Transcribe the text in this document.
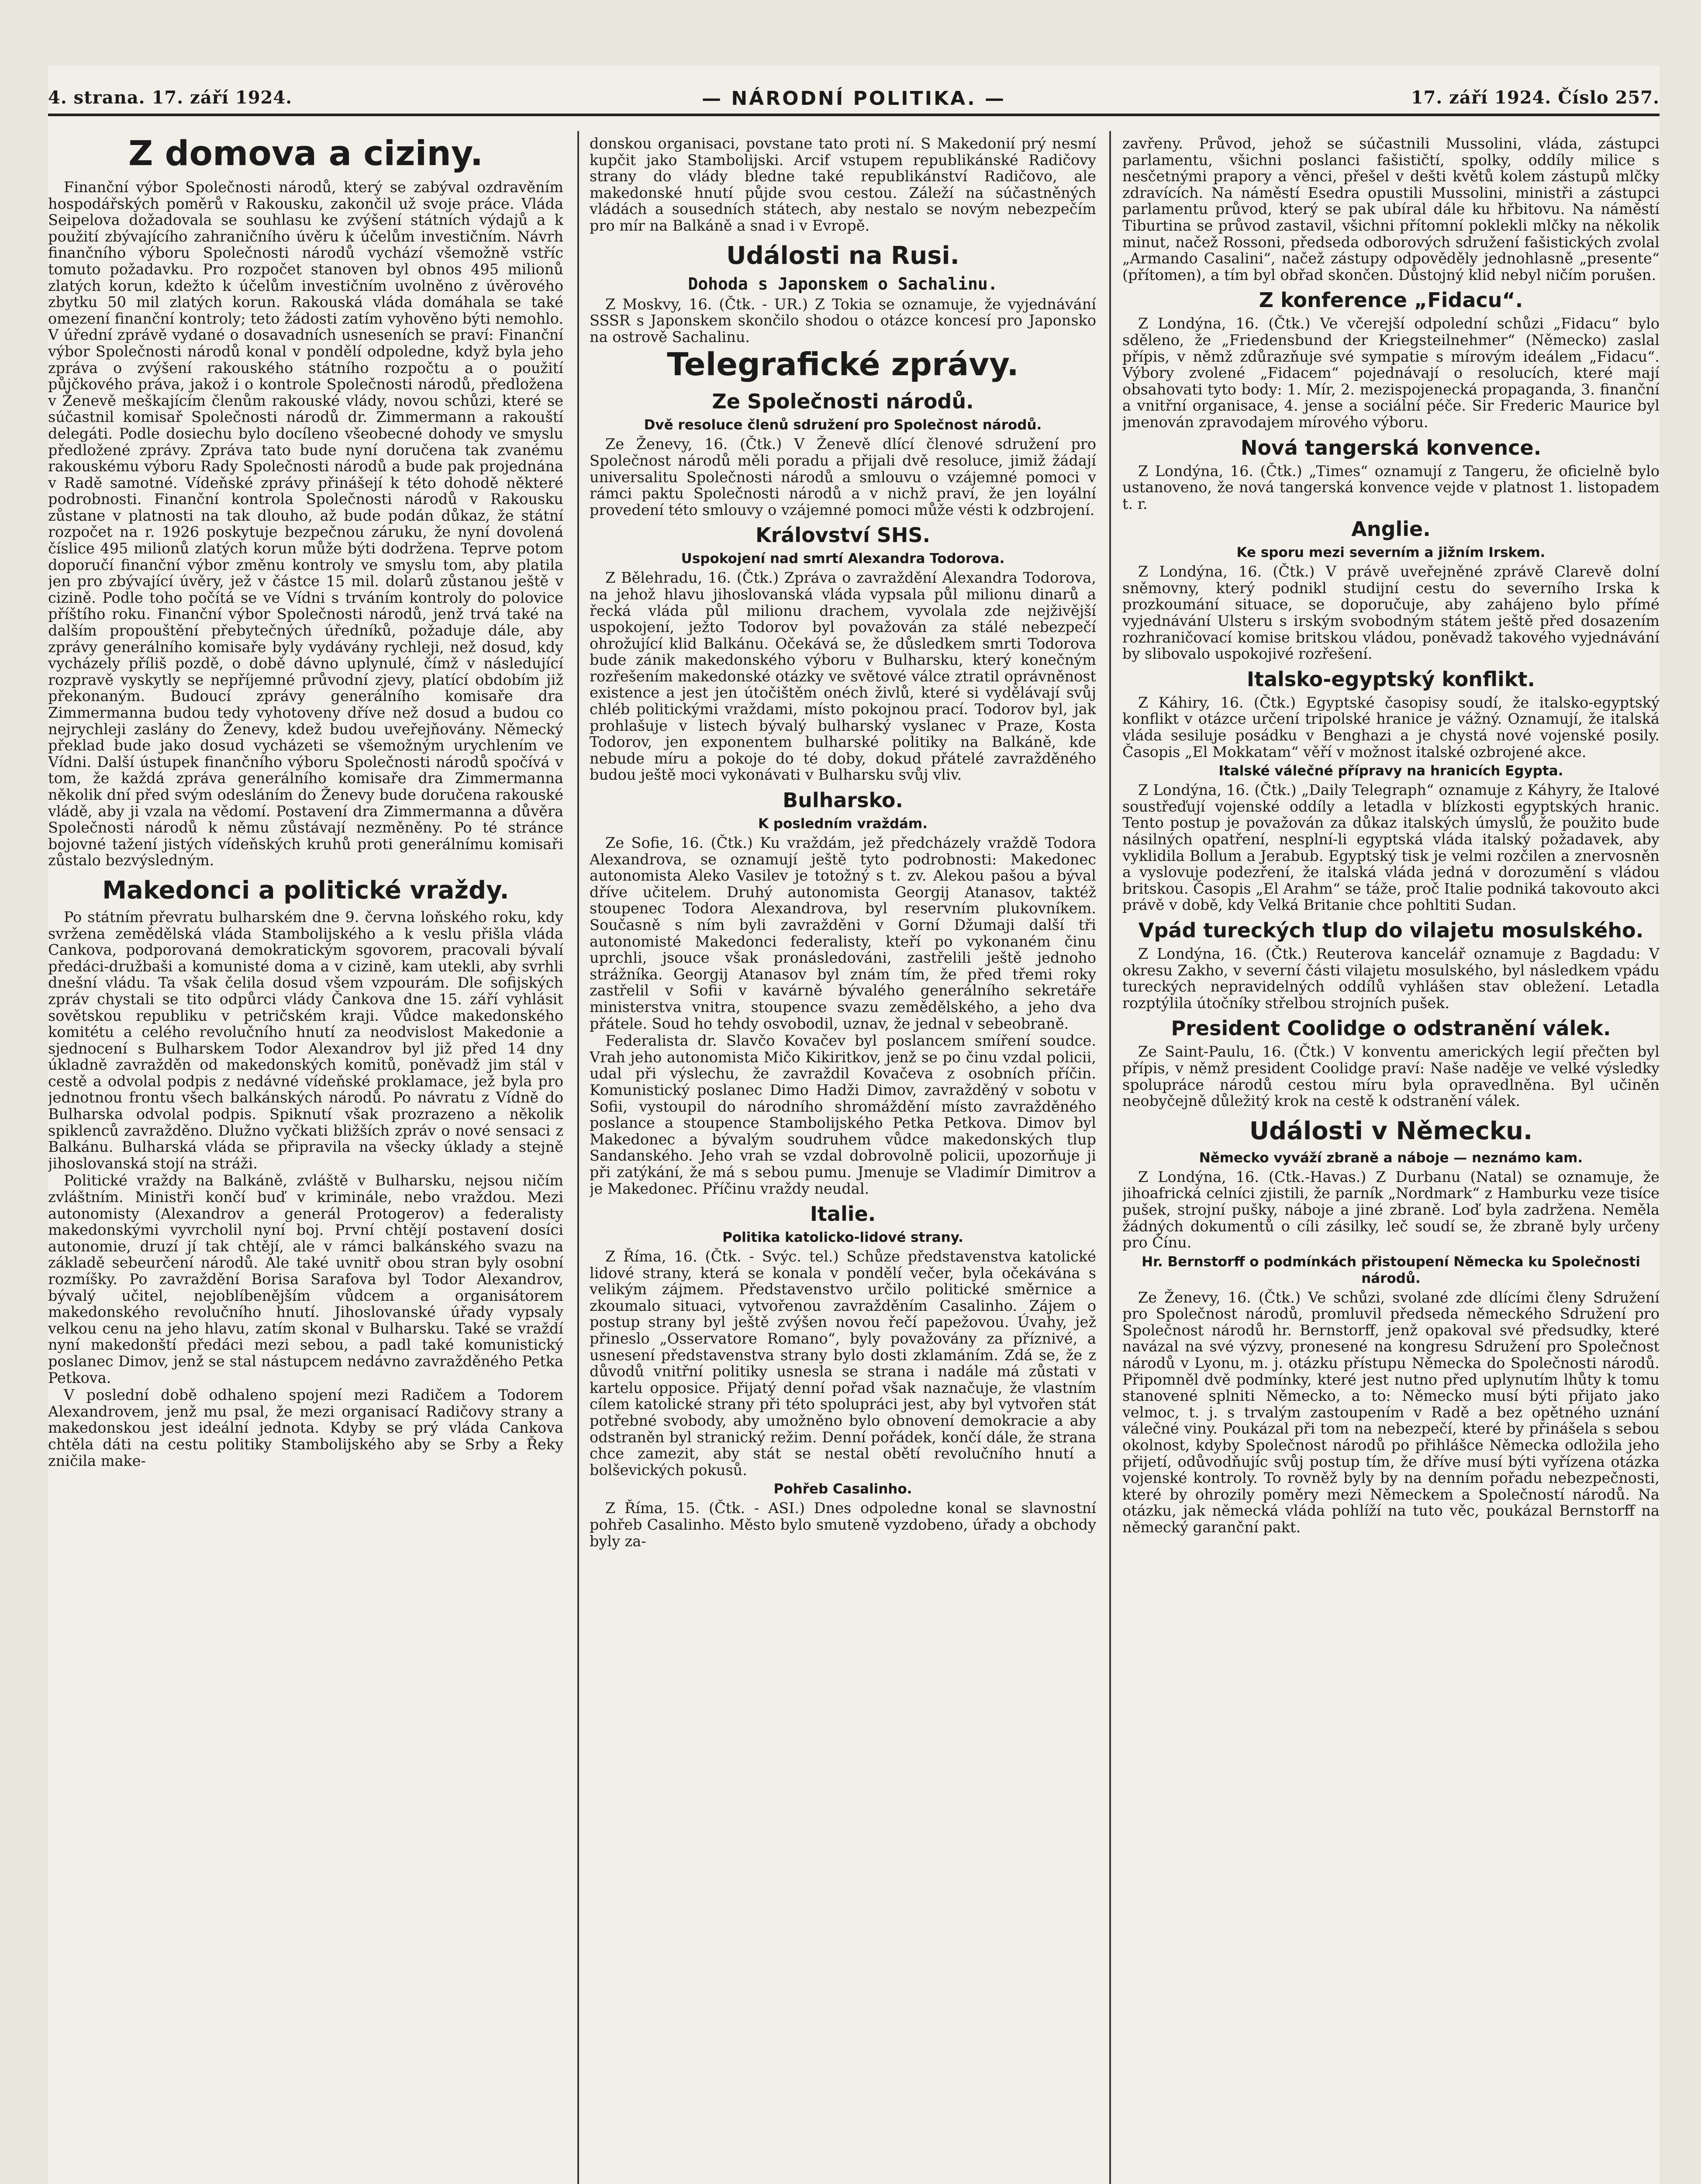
4. strana. 17. září 1924.	— NÁRODNÍ POLITIKA. —	17. září 1924. Číslo 257.
Z domova a ciziny.

Finanční výbor Společnosti národů, který se zabýval ozdravěním hospodářských poměrů v Rakousku, zakončil už svoje práce. Vláda Seipelova dožadovala se souhlasu ke zvýšení státních výdajů a k použití zbývajícího zahraničního úvěru k účelům investičním. Návrh finančního výboru Společnosti národů vychází všemožně vstříc tomuto požadavku. Pro rozpočet stanoven byl obnos 495 milionů zlatých korun, kdežto k účelům investičním uvolněno z úvěrového zbytku 50 mil zlatých korun. Rakouská vláda domáhala se také omezení finanční kontroly; teto žádosti zatím vyhověno býti nemohlo. V úřední zprávě vydané o dosavadních usneseních se praví: Finanční výbor Společnosti národů konal v pondělí odpoledne, když byla jeho zpráva o zvýšení rakouského státního rozpočtu a o použití půjčkového práva, jakož i o kontrole Společnosti národů, předložena v Ženevě meškajícím členům rakouské vlády, novou schůzi, které se súčastnil komisař Společnosti národů dr. Zimmermann a rakouští delegáti. Podle dosiechu bylo docíleno všeobecné dohody ve smyslu předložené zprávy. Zpráva tato bude nyní doručena tak zvanému rakouskému výboru Rady Společnosti národů a bude pak projednána v Radě samotné. Vídeňské zprávy přinášejí k této dohodě některé podrobnosti. Finanční kontrola Společnosti národů v Rakousku zůstane v platnosti na tak dlouho, až bude podán důkaz, že státní rozpočet na r. 1926 poskytuje bezpečnou záruku, že nyní dovolená číslice 495 milionů zlatých korun může býti dodržena. Teprve potom doporučí finanční výbor změnu kontroly ve smyslu tom, aby platila jen pro zbývající úvěry, jež v částce 15 mil. dolarů zůstanou ještě v cizině. Podle toho počítá se ve Vídni s trváním kontroly do polovice příštího roku. Finanční výbor Společnosti národů, jenž trvá také na dalším propouštění přebytečných úředníků, požaduje dále, aby zprávy generálního komisaře byly vydávány rychleji, než dosud, kdy vycházely příliš pozdě, o době dávno uplynulé, čímž v následující rozpravě vyskytly se nepříjemné průvodní zjevy, platící obdobím již překonaným. Budoucí zprávy generálního komisaře dra Zimmermanna budou tedy vyhotoveny dříve než dosud a budou co nejrychleji zaslány do Ženevy, kdež budou uveřejňovány. Německý překlad bude jako dosud vycházeti se všemožným urychlením ve Vídni. Další ústupek finančního výboru Společnosti národů spočívá v tom, že každá zpráva generálního komisaře dra Zimmermanna několik dní před svým odesláním do Ženevy bude doručena rakouské vládě, aby ji vzala na vědomí. Postavení dra Zimmermanna a důvěra Společnosti národů k němu zůstávají nezměněny. Po té stránce bojovné tažení jistých vídeňských kruhů proti generálnímu komisaři zůstalo bezvýsledným.

Makedonci a politické vraždy.

Po státním převratu bulharském dne 9. června loňského roku, kdy svržena zemědělská vláda Stambolijského a k veslu přišla vláda Cankova, podporovaná demokratickým sgovorem, pracovali bývalí předáci-družbaši a komunisté doma a v cizině, kam utekli, aby svrhli dnešní vládu. Ta však čelila dosud všem vzpourám. Dle sofijských zpráv chystali se tito odpůrci vlády Čankova dne 15. září vyhlásit sovětskou republiku v petričském kraji. Vůdce makedonského komitétu a celého revolučního hnutí za neodvislost Makedonie a sjednocení s Bulharskem Todor Alexandrov byl již před 14 dny úkladně zavražděn od makedonských komitů, poněvadž jim stál v cestě a odvolal podpis z nedávné vídeňské proklamace, jež byla pro jednotnou frontu všech balkánských národů. Po návratu z Vídně do Bulharska odvolal podpis. Spiknutí však prozrazeno a několik spiklenců zavražděno. Dlužno vyčkati bližších zpráv o nové sensaci z Balkánu. Bulharská vláda se připravila na všecky úklady a stejně jihoslovanská stojí na stráži.

Politické vraždy na Balkáně, zvláště v Bulharsku, nejsou ničím zvláštním. Ministři končí buď v kriminále, nebo vraždou. Mezi autonomisty (Alexandrov a generál Protogerov) a federalisty makedonskými vyvrcholil nyní boj. První chtějí postavení dosíci autonomie, druzí jí tak chtějí, ale v rámci balkánského svazu na základě sebeurčení národů. Ale také uvnitř obou stran byly osobní rozmíšky. Po zavraždění Borisa Sarafova byl Todor Alexandrov, bývalý učitel, nejoblíbenějším vůdcem a organisátorem makedonského revolučního hnutí. Jihoslovanské úřady vypsaly velkou cenu na jeho hlavu, zatím skonal v Bulharsku. Také se vraždí nyní makedonští předáci mezi sebou, a padl také komunistický poslanec Dimov, jenž se stal nástupcem nedávno zavražděného Petka Petkova.

V poslední době odhaleno spojení mezi Radičem a Todorem Alexandrovem, jenž mu psal, že mezi organisací Radičovy strany a makedonskou jest ideální jednota. Kdyby se prý vláda Cankova chtěla dáti na cestu politiky Stambolijského aby se Srby a Řeky zničila make-

donskou organisaci, povstane tato proti ní. S Makedonií prý nesmí kupčit jako Stambolijski. Arcif vstupem republikánské Radičovy strany do vlády bledne také republikánství Radičovo, ale makedonské hnutí půjde svou cestou. Záleží na súčastněných vládách a sousedních státech, aby nestalo se novým nebezpečím pro mír na Balkáně a snad i v Evropě.

Události na Rusi.
Dohoda s Japonskem o Sachalinu.

Z Moskvy, 16. (Čtk. - UR.) Z Tokia se oznamuje, že vyjednávání SSSR s Japonskem skončilo shodou o otázce koncesí pro Japonsko na ostrově Sachalinu.

Telegrafické zprávy.
Ze Společnosti národů.
Dvě resoluce členů sdružení pro Společnost národů.

Ze Ženevy, 16. (Čtk.) V Ženevě dlící členové sdružení pro Společnost národů měli poradu a přijali dvě resoluce, jimiž žádají universalitu Společnosti národů a smlouvu o vzájemné pomoci v rámci paktu Společnosti národů a v nichž praví, že jen loyální provedení této smlouvy o vzájemné pomoci může vésti k odzbrojení.

Království SHS.
Uspokojení nad smrtí Alexandra Todorova.

Z Bělehradu, 16. (Čtk.) Zpráva o zavraždění Alexandra Todorova, na jehož hlavu jihoslovanská vláda vypsala půl milionu dinarů a řecká vláda půl milionu drachem, vyvolala zde nejživější uspokojení, ježto Todorov byl považován za stálé nebezpečí ohrožující klid Balkánu. Očekává se, že důsledkem smrti Todorova bude zánik makedonského výboru v Bulharsku, který konečným rozřešením makedonské otázky ve světové válce ztratil oprávněnost existence a jest jen útočištěm onéch živlů, které si vydělávají svůj chléb politickými vraždami, místo pokojnou prací. Todorov byl, jak prohlašuje v listech bývalý bulharský vyslanec v Praze, Kosta Todorov, jen exponentem bulharské politiky na Balkáně, kde nebude míru a pokoje do té doby, dokud přátelé zavražděného budou ještě moci vykonávati v Bulharsku svůj vliv.

Bulharsko.
K posledním vraždám.

Ze Sofie, 16. (Čtk.) Ku vraždám, jež předcházely vraždě Todora Alexandrova, se oznamují ještě tyto podrobnosti: Makedonec autonomista Aleko Vasilev je totožný s t. zv. Alekou pašou a býval dříve učitelem. Druhý autonomista Georgij Atanasov, taktéž stoupenec Todora Alexandrova, byl reservním plukovníkem. Současně s ním byli zavražděni v Gorní Džumaji další tři autonomisté Makedonci federalisty, kteří po vykonaném činu uprchli, jsouce však pronásledováni, zastřelili ještě jednoho strážníka. Georgij Atanasov byl znám tím, že před třemi roky zastřelil v Sofii v kavárně bývalého generálního sekretáře ministerstva vnitra, stoupence svazu zemědělského, a jeho dva přátele. Soud ho tehdy osvobodil, uznav, že jednal v sebeobraně.

Federalista dr. Slavčo Kovačev byl poslancem smíření soudce. Vrah jeho autonomista Mičo Kikiritkov, jenž se po činu vzdal policii, udal při výslechu, že zavraždil Kovačeva z osobních příčin. Komunistický poslanec Dimo Hadži Dimov, zavražděný v sobotu v Sofii, vystoupil do národního shromáždění místo zavražděného poslance a stoupence Stambolijského Petka Petkova. Dimov byl Makedonec a bývalým soudruhem vůdce makedonských tlup Sandanského. Jeho vrah se vzdal dobrovolně policii, upozorňuje ji při zatýkání, že má s sebou pumu. Jmenuje se Vladimír Dimitrov a je Makedonec. Příčinu vraždy neudal.

Italie.
Politika katolicko-lidové strany.

Z Říma, 16. (Čtk. - Svýc. tel.) Schůze představenstva katolické lidové strany, která se konala v pondělí večer, byla očekávána s velikým zájmem. Představenstvo určilo politické směrnice a zkoumalo situaci, vytvořenou zavražděním Casalinho. Zájem o postup strany byl ještě zvýšen novou řečí papežovou. Úvahy, jež přineslo „Osservatore Romano“, byly považovány za příznivé, a usnesení představenstva strany bylo dosti zklamáním. Zdá se, že z důvodů vnitřní politiky usnesla se strana i nadále má zůstati v kartelu opposice. Přijatý denní pořad však naznačuje, že vlastním cílem katolické strany při této spolupráci jest, aby byl vytvořen stát potřebné svobody, aby umožněno bylo obnovení demokracie a aby odstraněn byl stranický režim. Denní pořádek, končí dále, že strana chce zamezit, aby stát se nestal obětí revolučního hnutí a bolševických pokusů.

Pohřeb Casalinho.

Z Říma, 15. (Čtk. - ASI.) Dnes odpoledne konal se slavnostní pohřeb Casalinho. Město bylo smuteně vyzdobeno, úřady a obchody byly za-

zavřeny. Průvod, jehož se súčastnili Mussolini, vláda, zástupci parlamentu, všichni poslanci fašističtí, spolky, oddíly milice s nesčetnými prapory a věnci, přešel v dešti květů kolem zástupů mlčky zdravících. Na náměstí Esedra opustili Mussolini, ministři a zástupci parlamentu průvod, který se pak ubíral dále ku hřbitovu. Na náměstí Tiburtina se průvod zastavil, všichni přítomní poklekli mlčky na několik minut, načež Rossoni, předseda odborových sdružení fašistických zvolal „Armando Casalini“, načež zástupy odpověděly jednohlasně „presente“ (přítomen), a tím byl obřad skončen. Důstojný klid nebyl ničím porušen.

Z konference „Fidacu“.

Z Londýna, 16. (Čtk.) Ve včerejší odpolední schůzi „Fidacu“ bylo sděleno, že „Friedensbund der Kriegsteilnehmer“ (Německo) zaslal přípis, v němž zdůrazňuje své sympatie s mírovým ideálem „Fidacu“. Výbory zvolené „Fidacem“ pojednávají o resolucích, které mají obsahovati tyto body: 1. Mír, 2. mezispojenecká propaganda, 3. finanční a vnitřní organisace, 4. jense a sociální péče. Sir Frederic Maurice byl jmenován zpravodajem mírového výboru.

Nová tangerská konvence.

Z Londýna, 16. (Čtk.) „Times“ oznamují z Tangeru, že oficielně bylo ustanoveno, že nová tangerská konvence vejde v platnost 1. listopadem t. r.

Anglie.
Ke sporu mezi severním a jižním Irskem.

Z Londýna, 16. (Čtk.) V právě uveřejněné zprávě Clarevě dolní sněmovny, který podnikl studijní cestu do severního Irska k prozkoumání situace, se doporučuje, aby zahájeno bylo přímé vyjednávání Ulsteru s irským svobodným státem ještě před dosazením rozhraničovací komise britskou vládou, poněvadž takového vyjednávání by slibovalo uspokojivé rozřešení.

Italsko-egyptský konflikt.

Z Káhiry, 16. (Čtk.) Egyptské časopisy soudí, že italsko-egyptský konflikt v otázce určení tripolské hranice je vážný. Oznamují, že italská vláda sesiluje posádku v Benghazi a je chystá nové vojenské posily. Časopis „El Mokkatam“ věří v možnost italské ozbrojené akce.

Italské válečné přípravy na hranicích Egypta.

Z Londýna, 16. (Čtk.) „Daily Telegraph“ oznamuje z Káhyry, že Italové soustřeďují vojenské oddíly a letadla v blízkosti egyptských hranic. Tento postup je považován za důkaz italských úmyslů, že použito bude násilných opatření, nesplní-li egyptská vláda italský požadavek, aby vyklidila Bollum a Jerabub. Egyptský tisk je velmi rozčilen a znervosněn a vyslovuje podezření, že italská vláda jedná v dorozumění s vládou britskou. Časopis „El Arahm“ se táže, proč Italie podniká takovouto akci právě v době, kdy Velká Britanie chce pohltiti Sudan.

Vpád tureckých tlup do vilajetu mosulského.

Z Londýna, 16. (Čtk.) Reuterova kancelář oznamuje z Bagdadu: V okresu Zakho, v severní části vilajetu mosulského, byl následkem vpádu tureckých nepravidelných oddílů vyhlášen stav obležení. Letadla rozptýlila útočníky střelbou strojních pušek.

President Coolidge o odstranění válek.

Ze Saint-Paulu, 16. (Čtk.) V konventu amerických legií přečten byl přípis, v němž president Coolidge praví: Naše naděje ve velké výsledky spolupráce národů cestou míru byla opravedlněna. Byl učiněn neobyčejně důležitý krok na cestě k odstranění válek.

Události v Německu.
Německo vyváží zbraně a náboje — neznámo kam.

Z Londýna, 16. (Ctk.-Havas.) Z Durbanu (Natal) se oznamuje, že jihoafrická celníci zjistili, že parník „Nordmark“ z Hamburku veze tisíce pušek, strojní pušky, náboje a jiné zbraně. Loď byla zadržena. Neměla žádných dokumentů o cíli zásilky, leč soudí se, že zbraně byly určeny pro Čínu.

Hr. Bernstorff o podmínkách přistoupení Německa ku Společnosti národů.

Ze Ženevy, 16. (Čtk.) Ve schůzi, svolané zde dlícími členy Sdružení pro Společnost národů, promluvil předseda německého Sdružení pro Společnost národů hr. Bernstorff, jenž opakoval své předsudky, které navázal na své výzvy, pronesené na kongresu Sdružení pro Společnost národů v Lyonu, m. j. otázku přístupu Německa do Společnosti národů. Připomněl dvě podmínky, které jest nutno před uplynutím lhůty k tomu stanovené splniti Německo, a to: Německo musí býti přijato jako velmoc, t. j. s trvalým zastoupením v Radě a bez opětného uznání válečné viny. Poukázal při tom na nebezpečí, které by přinášela s sebou okolnost, kdyby Společnost národů po přihlášce Německa odložila jeho přijetí, odůvodňujíc svůj postup tím, že dříve musí býti vyřízena otázka vojenské kontroly. To rovněž byly by na denním pořadu nebezpečnosti, které by ohrozily poměry mezi Německem a Společností národů. Na otázku, jak německá vláda pohlíží na tuto věc, poukázal Bernstorff na německý garanční pakt.
